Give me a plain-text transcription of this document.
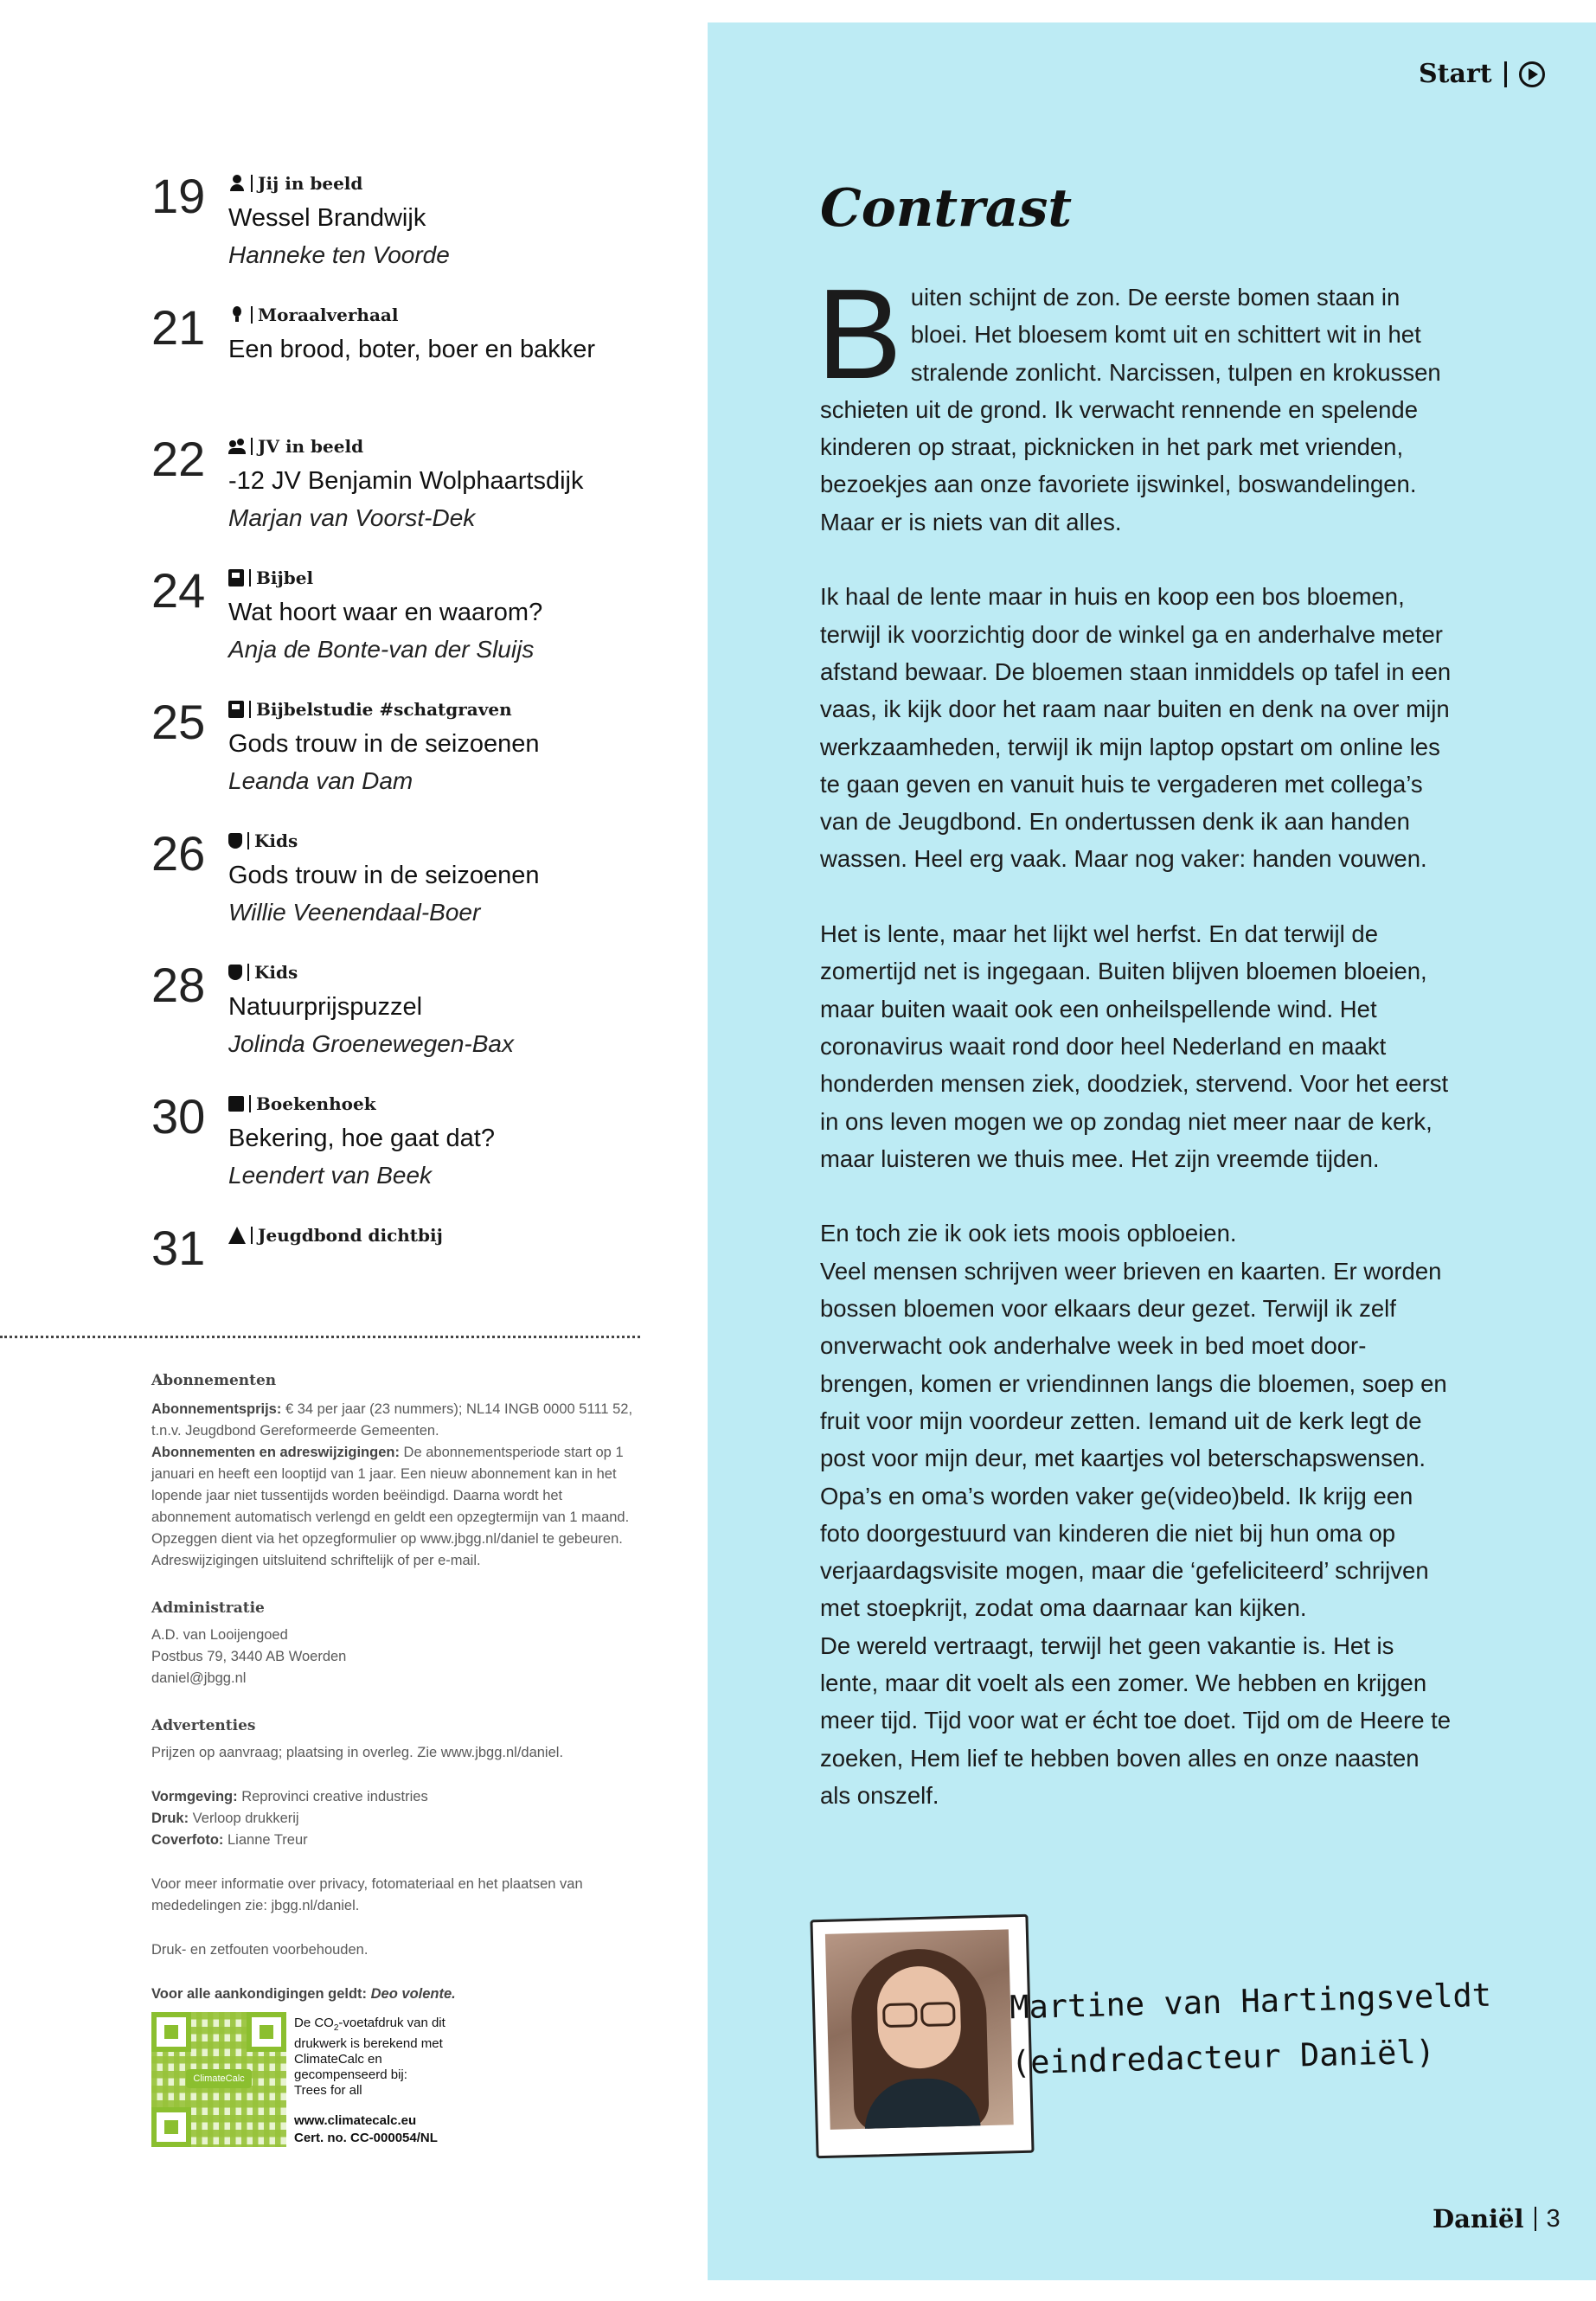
Start
19	Jij in beeld
Wessel Brandwijk
Hanneke ten Voorde
21	Moraalverhaal
Een brood, boter, boer en bakker
22	JV in beeld
-12 JV Benjamin Wolphaartsdijk
Marjan van Voorst-Dek
24	Bijbel
Wat hoort waar en waarom?
Anja de Bonte-van der Sluijs
25	Bijbelstudie #schatgraven
Gods trouw in de seizoenen
Leanda van Dam
26	Kids
Gods trouw in de seizoenen
Willie Veenendaal-Boer
28	Kids
Natuurprijspuzzel
Jolinda Groenewegen-Bax
30	Boekenhoek
Bekering, hoe gaat dat?
Leendert van Beek
31	Jeugdbond dichtbij
Abonnementen

Abonnementsprijs: € 34 per jaar (23 nummers); NL14 INGB 0000 5111 52, t.n.v. Jeugdbond Gereformeerde Gemeenten.

Abonnementen en adreswijzigingen: De abonnementsperiode start op 1 januari en heeft een looptijd van 1 jaar. Een nieuw abonnement kan in het lopende jaar niet tussentijds worden beëindigd. Daarna wordt het abonnement automatisch verlengd en geldt een opzegtermijn van 1 maand. Opzeggen dient via het opzegformulier op www.jbgg.nl/daniel te gebeuren. Adreswijzigingen uitsluitend schriftelijk of per e-mail.

Administratie

A.D. van Looijengoed

Postbus 79, 3440 AB Woerden

daniel@jbgg.nl

Advertenties

Prijzen op aanvraag; plaatsing in overleg. Zie www.jbgg.nl/daniel.

Vormgeving: Reprovinci creative industries

Druk: Verloop drukkerij

Coverfoto: Lianne Treur

Voor meer informatie over privacy, fotomateriaal en het plaatsen van mededelingen zie: jbgg.nl/daniel.

Druk- en zetfouten voorbehouden.

Voor alle aankondigingen geldt: Deo volente.

ClimateCalc
De $CO_2$-voetafdruk van dit
drukwerk is berekend met
ClimateCalc en
gecompenseerd bij:
Trees for all
www.climatecalc.eu
Cert. no. CC-000054/NL
Contrast

Buiten schijnt de zon. De eerste bomen staan in bloei. Het bloesem komt uit en schittert wit in het stralende zonlicht. Narcissen, tulpen en krokussen schieten uit de grond. Ik verwacht rennende en spelende kinderen op straat, picknicken in het park met vrienden, bezoekjes aan onze favoriete ijswinkel, boswandelingen. Maar er is niets van dit alles.

Ik haal de lente maar in huis en koop een bos bloemen, terwijl ik voorzichtig door de winkel ga en anderhalve meter afstand bewaar. De bloemen staan inmiddels op tafel in een vaas, ik kijk door het raam naar buiten en denk na over mijn werkzaamheden, terwijl ik mijn laptop opstart om online les te gaan geven en vanuit huis te vergaderen met collega’s van de Jeugdbond. En ondertussen denk ik aan handen wassen. Heel erg vaak. Maar nog vaker: handen vouwen.

Het is lente, maar het lijkt wel herfst. En dat terwijl de zomertijd net is ingegaan. Buiten blijven bloemen bloeien, maar buiten waait ook een onheilspellende wind. Het coronavirus waait rond door heel Nederland en maakt honderden mensen ziek, doodziek, stervend. Voor het eerst in ons leven mogen we op zondag niet meer naar de kerk, maar luisteren we thuis mee. Het zijn vreemde tijden.

En toch zie ik ook iets moois opbloeien.

Veel mensen schrijven weer brieven en kaarten. Er worden bossen bloemen voor elkaars deur gezet. Terwijl ik zelf onverwacht ook anderhalve week in bed moet doorbrengen, komen er vriendinnen langs die bloemen, soep en fruit voor mijn voordeur zetten. Iemand uit de kerk legt de post voor mijn deur, met kaartjes vol beterschapswensen. Opa’s en oma’s worden vaker ge(video)beld. Ik krijg een foto doorgestuurd van kinderen die niet bij hun oma op verjaardagsvisite mogen, maar die ‘gefeliciteerd’ schrijven met stoepkrijt, zodat oma daarnaar kan kijken.

De wereld vertraagt, terwijl het geen vakantie is. Het is lente, maar dit voelt als een zomer. We hebben en krijgen meer tijd. Tijd voor wat er écht toe doet. Tijd om de Heere te zoeken, Hem lief te hebben boven alles en onze naasten als onszelf.

Martine van Hartingsveldt
(eindredacteur Daniël)
Daniël 3
